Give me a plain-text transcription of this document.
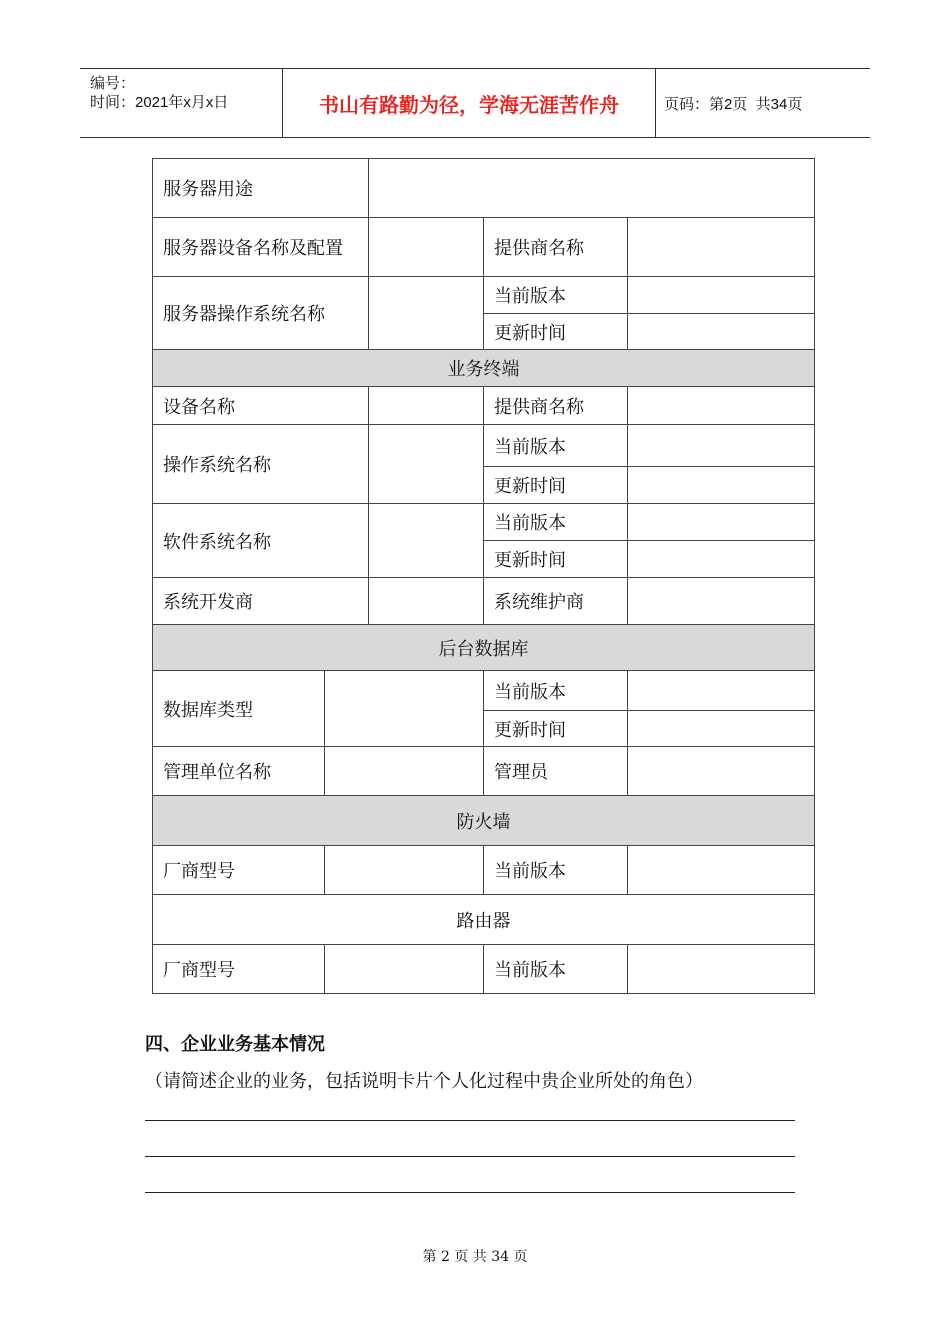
编号：
时间：2021年x月x日	书山有路勤为径，学海无涯苦作舟	页码：第2页  共34页
服务器用途				
服务器设备名称及配置			提供商名称	
服务器操作系统名称			当前版本	
			更新时间	
业务终端				
设备名称			提供商名称	
操作系统名称			当前版本	
			更新时间	
软件系统名称			当前版本	
			更新时间	
系统开发商			系统维护商	
后台数据库				
数据库类型			当前版本	
			更新时间	
管理单位名称			管理员	
防火墙				
厂商型号			当前版本	
路由器				
厂商型号			当前版本	
四、企业业务基本情况
（请简述企业的业务，包括说明卡片个人化过程中贵企业所处的角色）
第 2 页 共 34 页
